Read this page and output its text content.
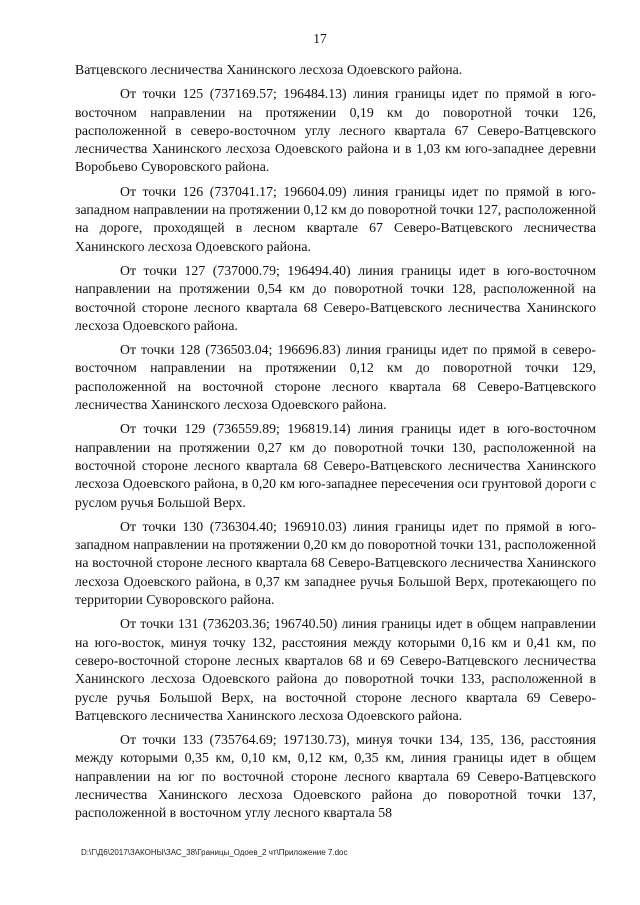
17

Ватцевского лесничества Ханинского лесхоза Одоевского района.

От точки 125 (737169.57; 196484.13) линия границы идет по прямой в юго-восточном направлении на протяжении 0,19 км до поворотной точки 126, расположенной в северо-восточном углу лесного квартала 67 Северо-Ватцевского лесничества Ханинского лесхоза Одоевского района и в 1,03 км юго-западнее деревни Воробьево Суворовского района.

От точки 126 (737041.17; 196604.09) линия границы идет по прямой в юго-западном направлении на протяжении 0,12 км до поворотной точки 127, расположенной на дороге, проходящей в лесном квартале 67 Северо-Ватцевского лесничества Ханинского лесхоза Одоевского района.

От точки 127 (737000.79; 196494.40) линия границы идет в юго-восточном направлении на протяжении 0,54 км до поворотной точки 128, расположенной на восточной стороне лесного квартала 68 Северо-Ватцевского лесничества Ханинского лесхоза Одоевского района.

От точки 128 (736503.04; 196696.83) линия границы идет по прямой в северо-восточном направлении на протяжении 0,12 км до поворотной точки 129, расположенной на восточной стороне лесного квартала 68 Северо-Ватцевского лесничества Ханинского лесхоза Одоевского района.

От точки 129 (736559.89; 196819.14) линия границы идет в юго-восточном направлении на протяжении 0,27 км до поворотной точки 130, расположенной на восточной стороне лесного квартала 68 Северо-Ватцевского лесничества Ханинского лесхоза Одоевского района, в 0,20 км юго-западнее пересечения оси грунтовой дороги с руслом ручья Большой Верх.

От точки 130 (736304.40; 196910.03) линия границы идет по прямой в юго-западном направлении на протяжении 0,20 км до поворотной точки 131, расположенной на восточной стороне лесного квартала 68 Северо-Ватцевского лесничества Ханинского лесхоза Одоевского района, в 0,37 км западнее ручья Большой Верх, протекающего по территории Суворовского района.

От точки 131 (736203.36; 196740.50) линия границы идет в общем направлении на юго-восток, минуя точку 132, расстояния между которыми 0,16 км и 0,41 км, по северо-восточной стороне лесных кварталов 68 и 69 Северо-Ватцевского лесничества Ханинского лесхоза Одоевского района до поворотной точки 133, расположенной в русле ручья Большой Верх, на восточной стороне лесного квартала 69 Северо-Ватцевского лесничества Ханинского лесхоза Одоевского района.

От точки 133 (735764.69; 197130.73), минуя точки 134, 135, 136, расстояния между которыми 0,35 км, 0,10 км, 0,12 км, 0,35 км, линия границы идет в общем направлении на юг по восточной стороне лесного квартала 69 Северо-Ватцевского лесничества Ханинского лесхоза Одоевского района до поворотной точки 137, расположенной в восточном углу лесного квартала 58

D:\Г\Д6\2017\ЗАКОНЫ\ЗАС_38\Границы_Одоев_2 чт\Приложение 7.doc
